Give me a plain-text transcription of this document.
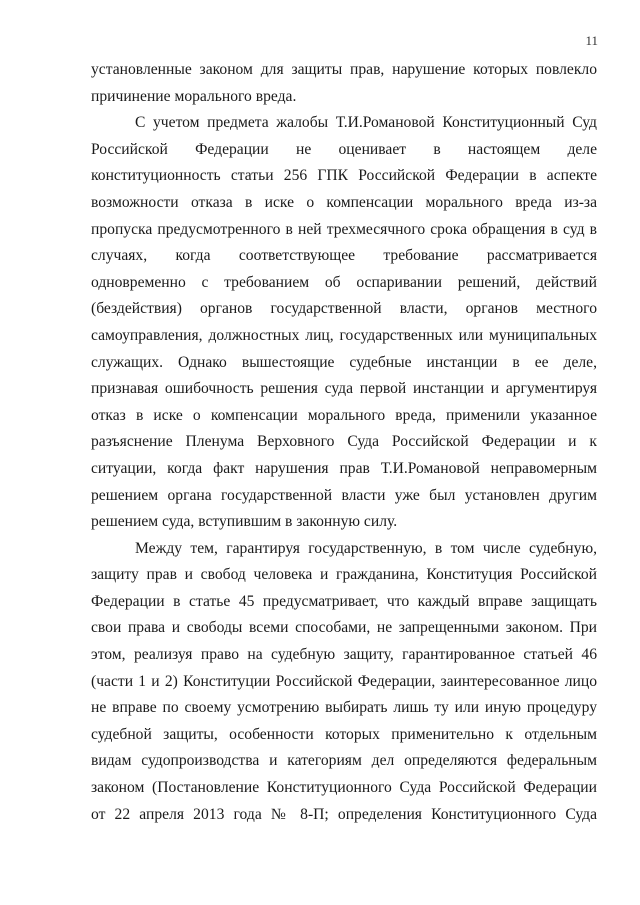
11
установленные законом для защиты прав, нарушение которых повлекло
причинение морального вреда.
С учетом предмета жалобы Т.И.Романовой Конституционный Суд
Российской Федерации не оценивает в настоящем деле
конституционность статьи 256 ГПК Российской Федерации в аспекте
возможности отказа в иске о компенсации морального вреда из-за
пропуска предусмотренного в ней трехмесячного срока обращения в суд в
случаях, когда соответствующее требование рассматривается
одновременно с требованием об оспаривании решений, действий
(бездействия) органов государственной власти, органов местного
самоуправления, должностных лиц, государственных или муниципальных
служащих. Однако вышестоящие судебные инстанции в ее деле,
признавая ошибочность решения суда первой инстанции и аргументируя
отказ в иске о компенсации морального вреда, применили указанное
разъяснение Пленума Верховного Суда Российской Федерации и к
ситуации, когда факт нарушения прав Т.И.Романовой неправомерным
решением органа государственной власти уже был установлен другим
решением суда, вступившим в законную силу.
Между тем, гарантируя государственную, в том числе судебную,
защиту прав и свобод человека и гражданина, Конституция Российской
Федерации в статье 45 предусматривает, что каждый вправе защищать
свои права и свободы всеми способами, не запрещенными законом. При
этом, реализуя право на судебную защиту, гарантированное статьей 46
(части 1 и 2) Конституции Российской Федерации, заинтересованное лицо
не вправе по своему усмотрению выбирать лишь ту или иную процедуру
судебной защиты, особенности которых применительно к отдельным
видам судопроизводства и категориям дел определяются федеральным
законом (Постановление Конституционного Суда Российской Федерации
от 22 апреля 2013 года № 8-П; определения Конституционного Суда
